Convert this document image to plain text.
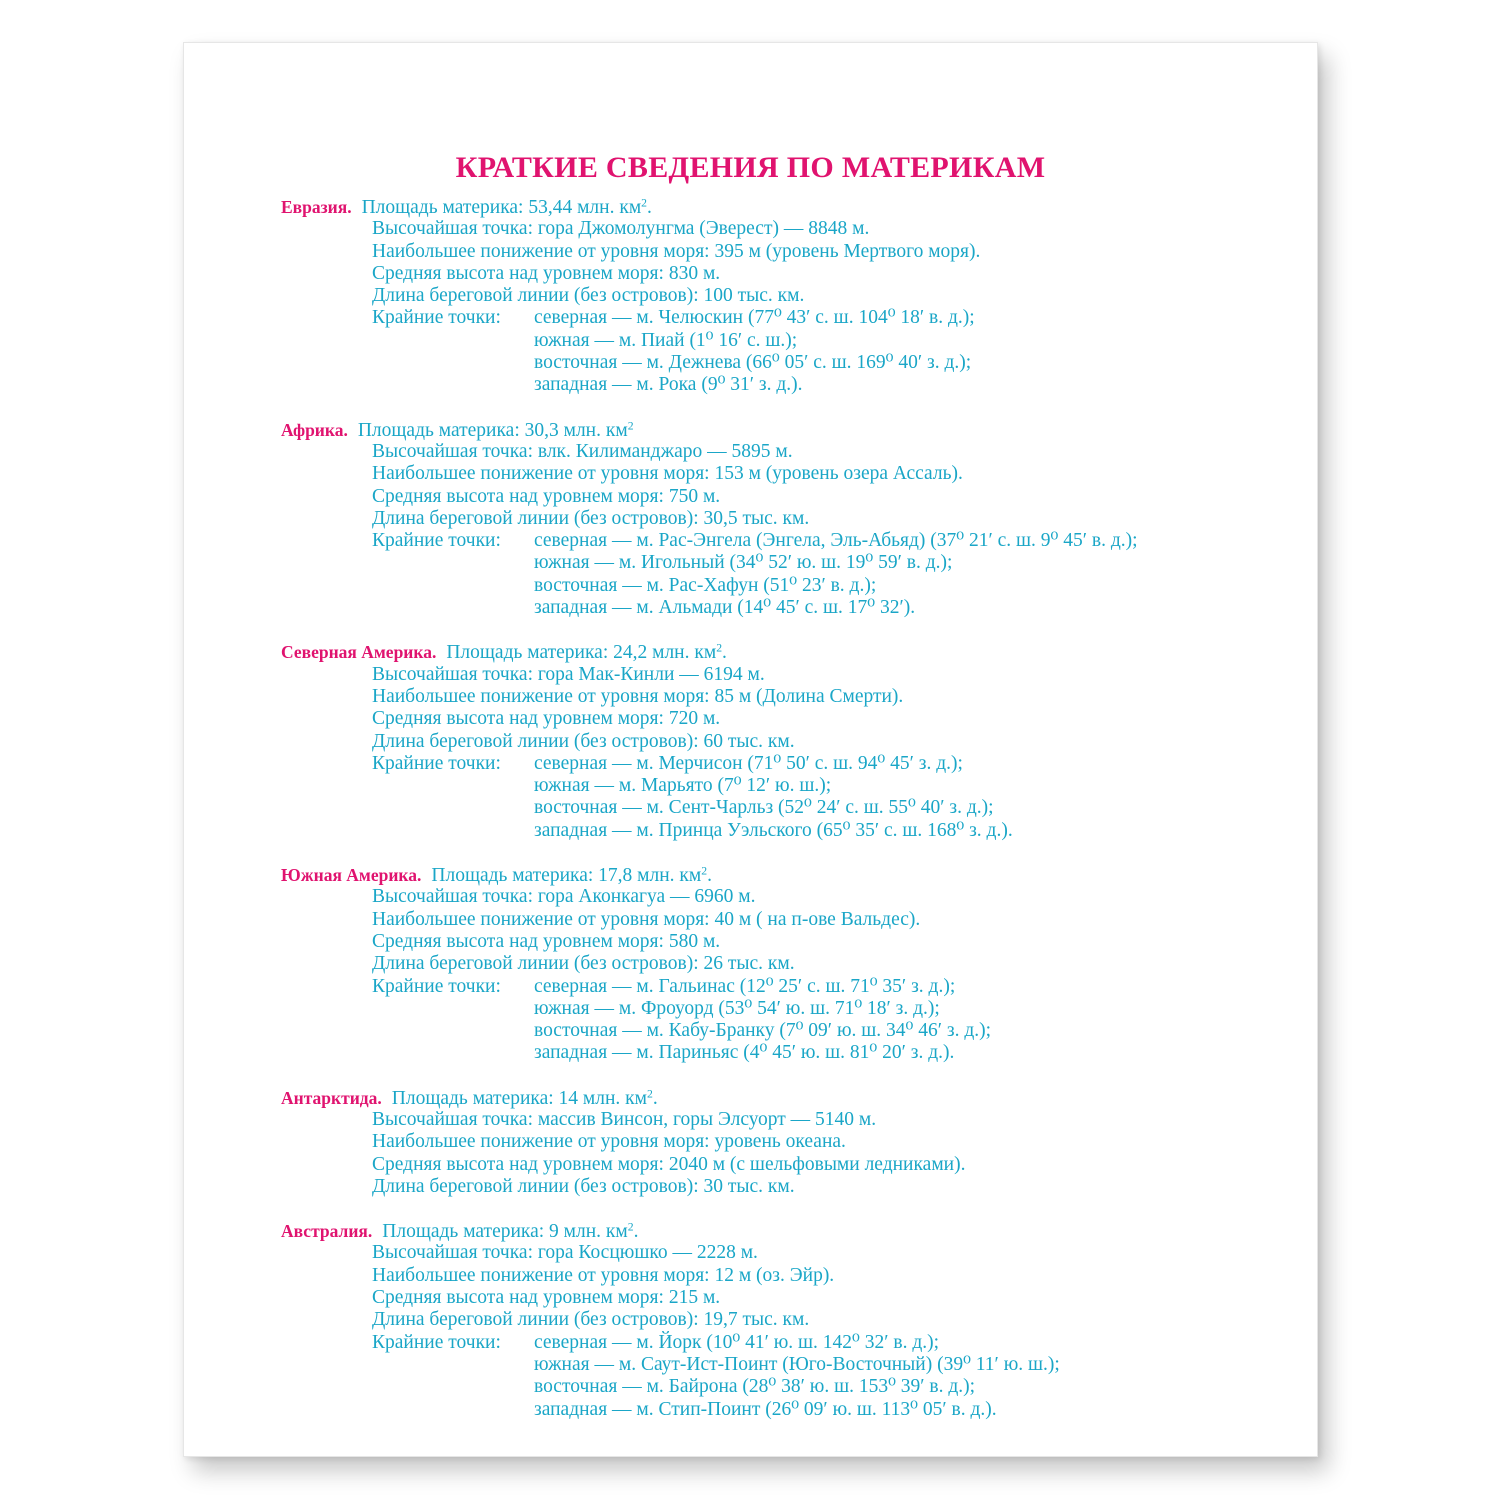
КРАТКИЕ СВЕДЕНИЯ ПО МАТЕРИКАМ
Евразия. Площадь материка: 53,44 млн. $км^2$.
Высочайшая точка: гора Джомолунгма (Эверест) — 8848 м.
Наибольшее понижение от уровня моря: 395 м (уровень Мертвого моря).
Средняя высота над уровнем моря: 830 м.
Длина береговой линии (без островов): 100 тыс. км.
Крайние точки: северная — м. Челюскин (77⁰ 43′ с. ш. 104⁰ 18′ в. д.);
южная — м. Пиай (1⁰ 16′ с. ш.);
восточная — м. Дежнева (66⁰ 05′ с. ш. 169⁰ 40′ з. д.);
западная — м. Рока (9⁰ 31′ з. д.).
Африка. Площадь материка: 30,3 млн. $км^2$
Высочайшая точка: влк. Килиманджаро — 5895 м.
Наибольшее понижение от уровня моря: 153 м (уровень озера Ассаль).
Средняя высота над уровнем моря: 750 м.
Длина береговой линии (без островов): 30,5 тыс. км.
Крайние точки: северная — м. Рас-Энгела (Энгела, Эль-Абьяд) (37⁰ 21′ с. ш. 9⁰ 45′ в. д.);
южная — м. Игольный (34⁰ 52′ ю. ш. 19⁰ 59′ в. д.);
восточная — м. Рас-Хафун (51⁰ 23′ в. д.);
западная — м. Альмади (14⁰ 45′ с. ш. 17⁰ 32′).
Северная Америка. Площадь материка: 24,2 млн. $км^2$.
Высочайшая точка: гора Мак-Кинли — 6194 м.
Наибольшее понижение от уровня моря: 85 м (Долина Смерти).
Средняя высота над уровнем моря: 720 м.
Длина береговой линии (без островов): 60 тыс. км.
Крайние точки: северная — м. Мерчисон (71⁰ 50′ с. ш. 94⁰ 45′ з. д.);
южная — м. Марьято (7⁰ 12′ ю. ш.);
восточная — м. Сент-Чарльз (52⁰ 24′ с. ш. 55⁰ 40′ з. д.);
западная — м. Принца Уэльского (65⁰ 35′ с. ш. 168⁰ з. д.).
Южная Америка. Площадь материка: 17,8 млн. $км^2$.
Высочайшая точка: гора Аконкагуа — 6960 м.
Наибольшее понижение от уровня моря: 40 м ( на п-ове Вальдес).
Средняя высота над уровнем моря: 580 м.
Длина береговой линии (без островов): 26 тыс. км.
Крайние точки: северная — м. Гальинас (12⁰ 25′ с. ш. 71⁰ 35′ з. д.);
южная — м. Фроуорд (53⁰ 54′ ю. ш. 71⁰ 18′ з. д.);
восточная — м. Кабу-Бранку (7⁰ 09′ ю. ш. 34⁰ 46′ з. д.);
западная — м. Париньяс (4⁰ 45′ ю. ш. 81⁰ 20′ з. д.).
Антарктида. Площадь материка: 14 млн. $км^2$.
Высочайшая точка: массив Винсон, горы Элсуорт — 5140 м.
Наибольшее понижение от уровня моря: уровень океана.
Средняя высота над уровнем моря: 2040 м (с шельфовыми ледниками).
Длина береговой линии (без островов): 30 тыс. км.
Австралия. Площадь материка: 9 млн. $км^2$.
Высочайшая точка: гора Косцюшко — 2228 м.
Наибольшее понижение от уровня моря: 12 м (оз. Эйр).
Средняя высота над уровнем моря: 215 м.
Длина береговой линии (без островов): 19,7 тыс. км.
Крайние точки: северная — м. Йорк (10⁰ 41′ ю. ш. 142⁰ 32′ в. д.);
южная — м. Саут-Ист-Поинт (Юго-Восточный) (39⁰ 11′ ю. ш.);
восточная — м. Байрона (28⁰ 38′ ю. ш. 153⁰ 39′ в. д.);
западная — м. Стип-Поинт (26⁰ 09′ ю. ш. 113⁰ 05′ в. д.).
